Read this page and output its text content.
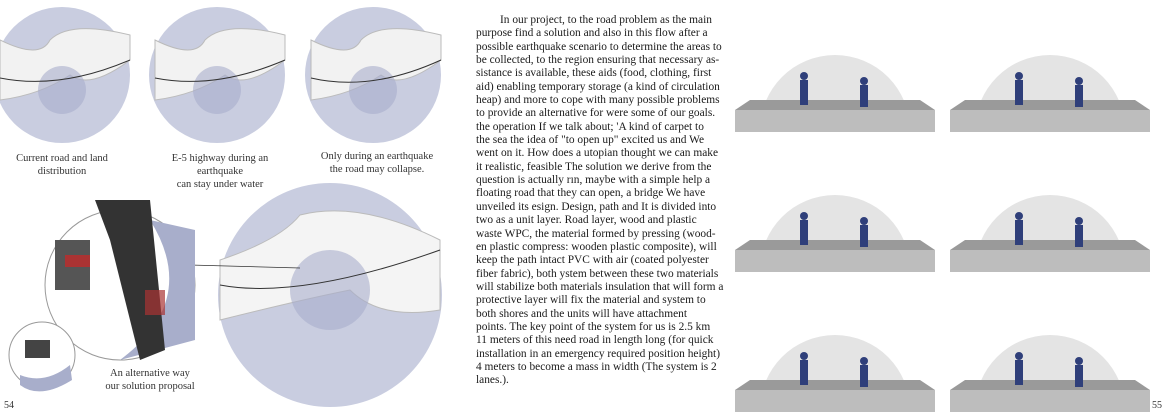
Current road and land
distribution
E-5 highway during an earthquake
can stay under water
Only during an earthquake
the road may collapse.
An alternative way
our solution proposal
In our project, to the road problem as the main
purpose find a solution and also in this flow after a
possible earthquake scenario to determine the areas to
be collected, to the region ensuring that necessary as-
sistance is available, these aids (food, clothing, first
aid) enabling temporary storage (a kind of circulation
heap) and more to cope with many possible problems
to provide an alternative for were some of our goals.
the operation If we talk about; 'A kind of carpet to
the sea the idea of "to open up" excited us and We
went on it. How does a utopian thought we can make
it realistic, feasible The solution we derive from the
question is actually rın, maybe with a simple help a
floating road that they can open, a bridge We have
unveiled its esign. Design, path and It is divided into
two as a unit layer. Road layer, wood and plastic
waste WPC, the material formed by pressing (wood-
en plastic compress: wooden plastic composite), will
keep the path intact PVC with air (coated polyester
fiber fabric), both ystem between these two materials
will stabilize both materials insulation that will form a
protective layer will fix the material and system to
both shores and the units will have attachment
points. The key point of the system for us is 2.5 km
11 meters of this need road in length long (for quick
installation in an emergency required position height)
4 meters to become a mass in width (The system is 2
lanes.).
54	55
